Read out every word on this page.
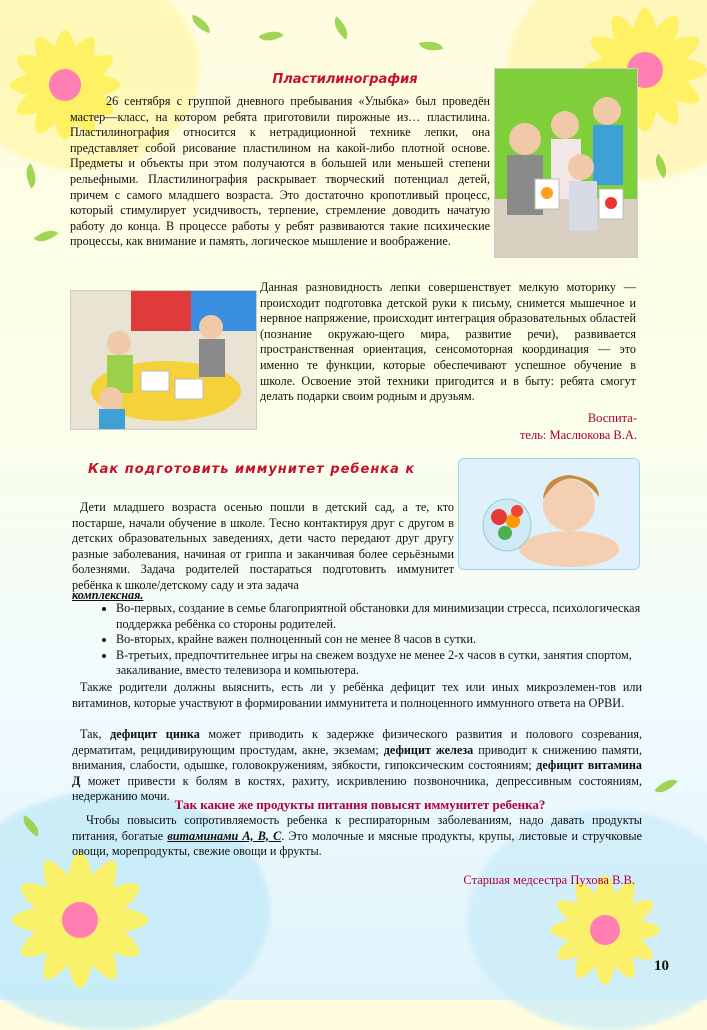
Пластилинография

26 сентября с группой дневного пребывания «Улыбка» был проведён мастер—класс, на котором ребята приготовили пирожные из… пластилина. Пластилинография относится к нетрадиционной технике лепки, она представляет собой рисование пластилином на какой-либо плотной основе. Предметы и объекты при этом получаются в большей или меньшей степени рельефными. Пластилинография раскрывает творческий потенциал детей, причем с самого младшего возраста. Это достаточно кропотливый процесс, который стимулирует усидчивость, терпение, стремление доводить начатую работу до конца. В процессе работы у ребят развиваются такие психические процессы, как внимание и память, логическое мышление и воображение.

Данная разновидность лепки совершенствует мелкую моторику — происходит подготовка детской руки к письму, снимется мышечное и нервное напряжение, происходит интеграция образовательных областей (познание окружаю-щего мира, развитие речи), развивается пространственная ориентация, сенсомоторная координация — это именно те функции, которые обеспечивают успешное обучение в школе. Освоение этой техники пригодится и в быту: ребята смогут делать подарки своим родным и друзьям.

Воспита-
тель: Маслюкова В.А.
Как подготовить иммунитет ребенка к

Дети младшего возраста осенью пошли в детский сад, а те, кто постарше, начали обучение в школе. Тесно контактируя друг с другом в детских образовательных заведениях, дети часто передают друг другу разные заболевания, начиная от гриппа и заканчивая более серьёзными болезнями. Задача родителей постараться подготовить иммунитет ребёнка к школе/детскому саду и эта задача

комплексная.

• Во-первых, создание в семье благоприятной обстановки для минимизации стресса, психологическая поддержка ребёнка со стороны родителей.
• Во-вторых, крайне важен полноценный сон не менее 8 часов в сутки.
• В-третьих, предпочтительнее игры на свежем воздухе не менее 2-х часов в сутки, занятия спортом, закаливание, вместо телевизора и компьютера.

Также родители должны выяснить, есть ли у ребёнка дефицит тех или иных микроэлемен-тов или витаминов, которые участвуют в формировании иммунитета и полноценного иммунного ответа на ОРВИ.

Так, дефицит цинка может приводить к задержке физического развития и полового созревания, дерматитам, рецидивирующим простудам, акне, экземам; дефицит железа приводит к снижению памяти, внимания, слабости, одышке, головокружениям, зябкости, гипоксическим состояниям; дефицит витамина Д может привести к болям в костях, рахиту, искривлению позвоночника, депрессивным состояниям, недержанию мочи.

Так какие же продукты питания повысят иммунитет ребенка?

Чтобы повысить сопротивляемость ребенка к респираторным заболеваниям, надо давать продукты питания, богатые витаминами А, В, С. Это молочные и мясные продукты, крупы, листовые и стручковые овощи, морепродукты, свежие овощи и фрукты.

Старшая медсестра Пухова В.В.
10
